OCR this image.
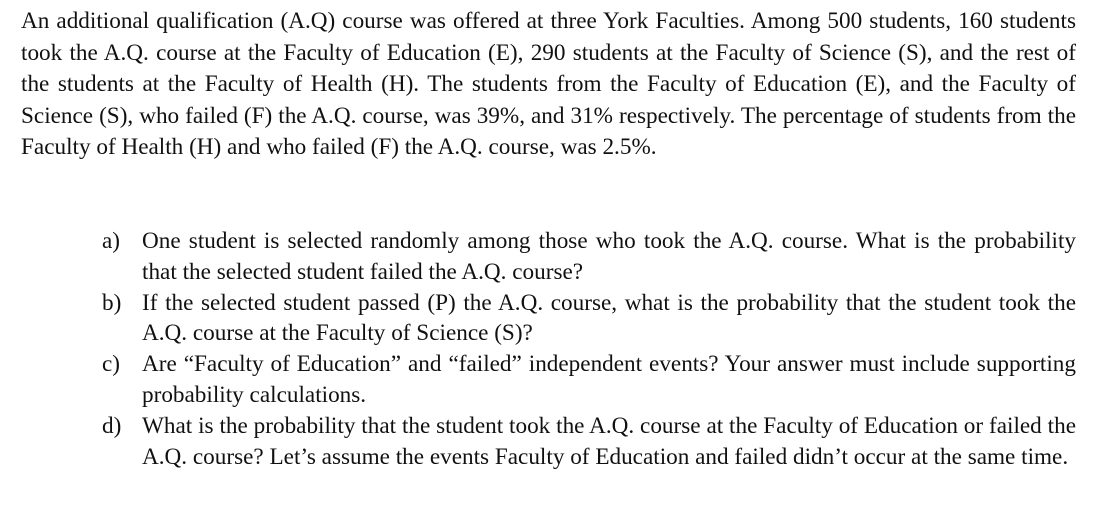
An additional qualification (A.Q) course was offered at three York Faculties. Among 500 students, 160 students took the A.Q. course at the Faculty of Education (E), 290 students at the Faculty of Science (S), and the rest of the students at the Faculty of Health (H). The students from the Faculty of Education (E), and the Faculty of Science (S), who failed (F) the A.Q. course, was 39%, and 31% respectively. The percentage of students from the Faculty of Health (H) and who failed (F) the A.Q. course, was 2.5%.

a) One student is selected randomly among those who took the A.Q. course. What is the probability that the selected student failed the A.Q. course?
b) If the selected student passed (P) the A.Q. course, what is the probability that the student took the A.Q. course at the Faculty of Science (S)?
c) Are “Faculty of Education” and “failed” independent events? Your answer must include supporting probability calculations.
d) What is the probability that the student took the A.Q. course at the Faculty of Education or failed the A.Q. course? Let’s assume the events Faculty of Education and failed didn’t occur at the same time.
